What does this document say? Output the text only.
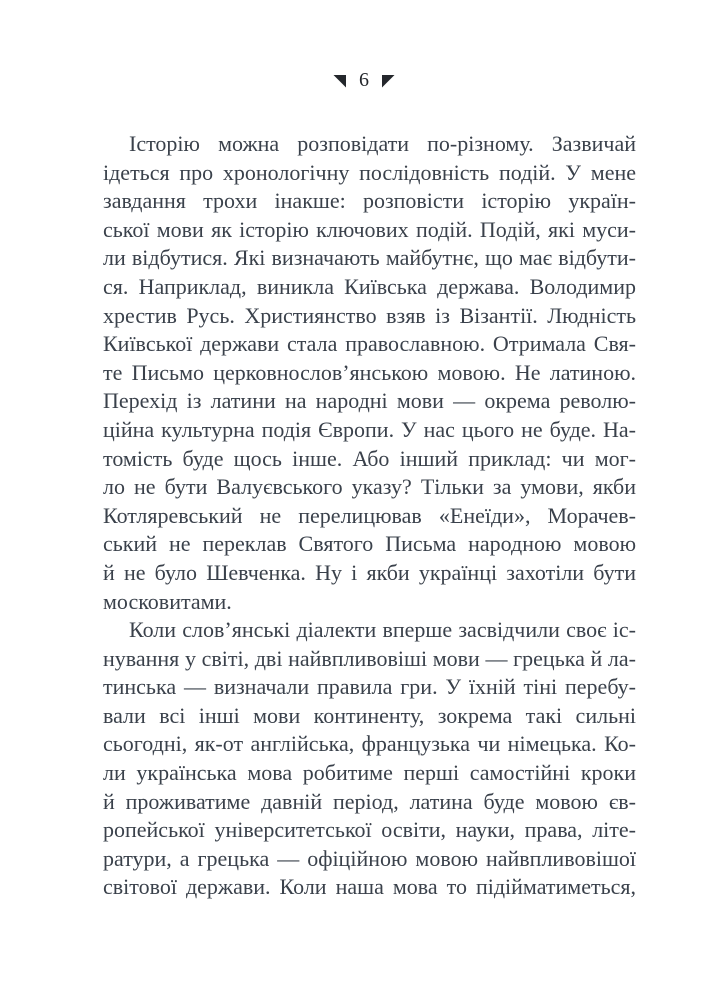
6
Історію можна розповідати по-різному. Зазвичай
ідеться про хронологічну послідовність подій. У мене
завдання трохи інакше: розповісти історію україн-
ської мови як історію ключових подій. Подій, які муси-
ли відбутися. Які визначають майбутнє, що має відбути-
ся. Наприклад, виникла Київська держава. Володимир
хрестив Русь. Християнство взяв із Візантії. Людність
Київської держави стала православною. Отримала Свя-
те Письмо церковнослов’янською мовою. Не латиною.
Перехід із латини на народні мови — окрема револю-
ційна культурна подія Європи. У нас цього не буде. На-
томість буде щось інше. Або інший приклад: чи мог-
ло не бути Валуєвського указу? Тільки за умови, якби
Котляревський не перелицював «Енеїди», Морачев-
ський не переклав Святого Письма народною мовою
й не було Шевченка. Ну і якби українці захотіли бути
московитами.
Коли слов’янські діалекти вперше засвідчили своє іс-
нування у світі, дві найвпливовіші мови — грецька й ла-
тинська — визначали правила гри. У їхній тіні перебу-
вали всі інші мови континенту, зокрема такі сильні
сьогодні, як-от англійська, французька чи німецька. Ко-
ли українська мова робитиме перші самостійні кроки
й проживатиме давній період, латина буде мовою єв-
ропейської університетської освіти, науки, права, літе-
ратури, а грецька — офіційною мовою найвпливовішої
світової держави. Коли наша мова то підійматиметься,
